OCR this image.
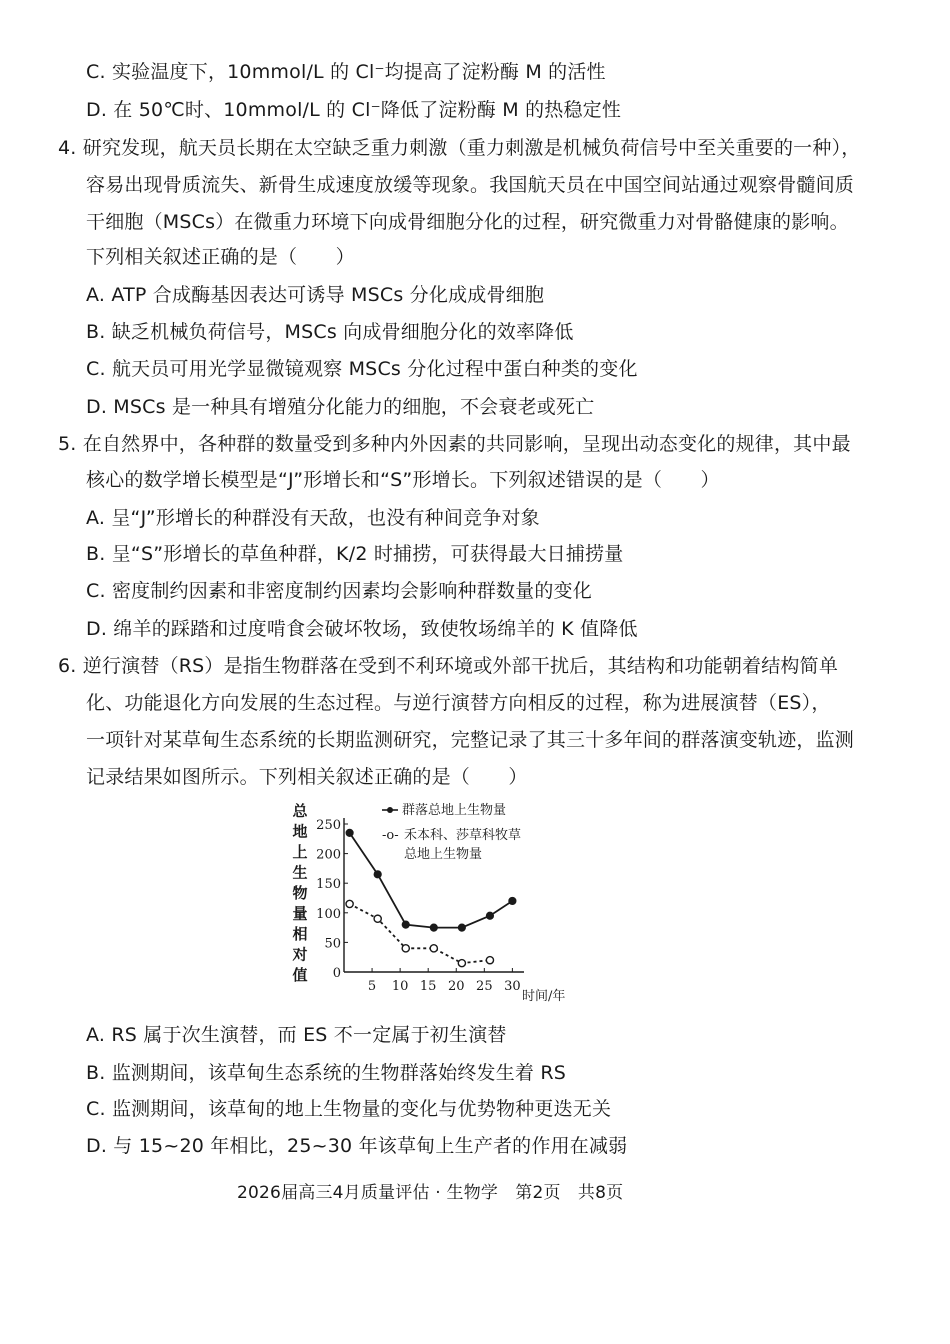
C. 实验温度下，10mmol/L 的 Cl⁻均提高了淀粉酶 M 的活性
D. 在 50℃时、10mmol/L 的 Cl⁻降低了淀粉酶 M 的热稳定性
4. 研究发现，航天员长期在太空缺乏重力刺激（重力刺激是机械负荷信号中至关重要的一种），
容易出现骨质流失、新骨生成速度放缓等现象。我国航天员在中国空间站通过观察骨髓间质
干细胞（MSCs）在微重力环境下向成骨细胞分化的过程，研究微重力对骨骼健康的影响。
下列相关叙述正确的是（　　）
A. ATP 合成酶基因表达可诱导 MSCs 分化成成骨细胞
B. 缺乏机械负荷信号，MSCs 向成骨细胞分化的效率降低
C. 航天员可用光学显微镜观察 MSCs 分化过程中蛋白种类的变化
D. MSCs 是一种具有增殖分化能力的细胞，不会衰老或死亡
5. 在自然界中，各种群的数量受到多种内外因素的共同影响，呈现出动态变化的规律，其中最
核心的数学增长模型是“J”形增长和“S”形增长。下列叙述错误的是（　　）
A. 呈“J”形增长的种群没有天敌，也没有种间竞争对象
B. 呈“S”形增长的草鱼种群，K/2 时捕捞，可获得最大日捕捞量
C. 密度制约因素和非密度制约因素均会影响种群数量的变化
D. 绵羊的踩踏和过度啃食会破坏牧场，致使牧场绵羊的 K 值降低
6. 逆行演替（RS）是指生物群落在受到不利环境或外部干扰后，其结构和功能朝着结构简单
化、功能退化方向发展的生态过程。与逆行演替方向相反的过程，称为进展演替（ES），
一项针对某草甸生态系统的长期监测研究，完整记录了其三十多年间的群落演变轨迹，监测
记录结果如图所示。下列相关叙述正确的是（　　）
0
50
100
150
200
250
5 10 15 20 25 30
总
地
上
生
物
量
相
对
值
群落总地上生物量
-o- 禾本科、莎草科牧草
总地上生物量
时间/年
A. RS 属于次生演替，而 ES 不一定属于初生演替
B. 监测期间，该草甸生态系统的生物群落始终发生着 RS
C. 监测期间，该草甸的地上生物量的变化与优势物种更迭无关
D. 与 15~20 年相比，25~30 年该草甸上生产者的作用在减弱
2026届高三4月质量评估 · 生物学　第2页　共8页
